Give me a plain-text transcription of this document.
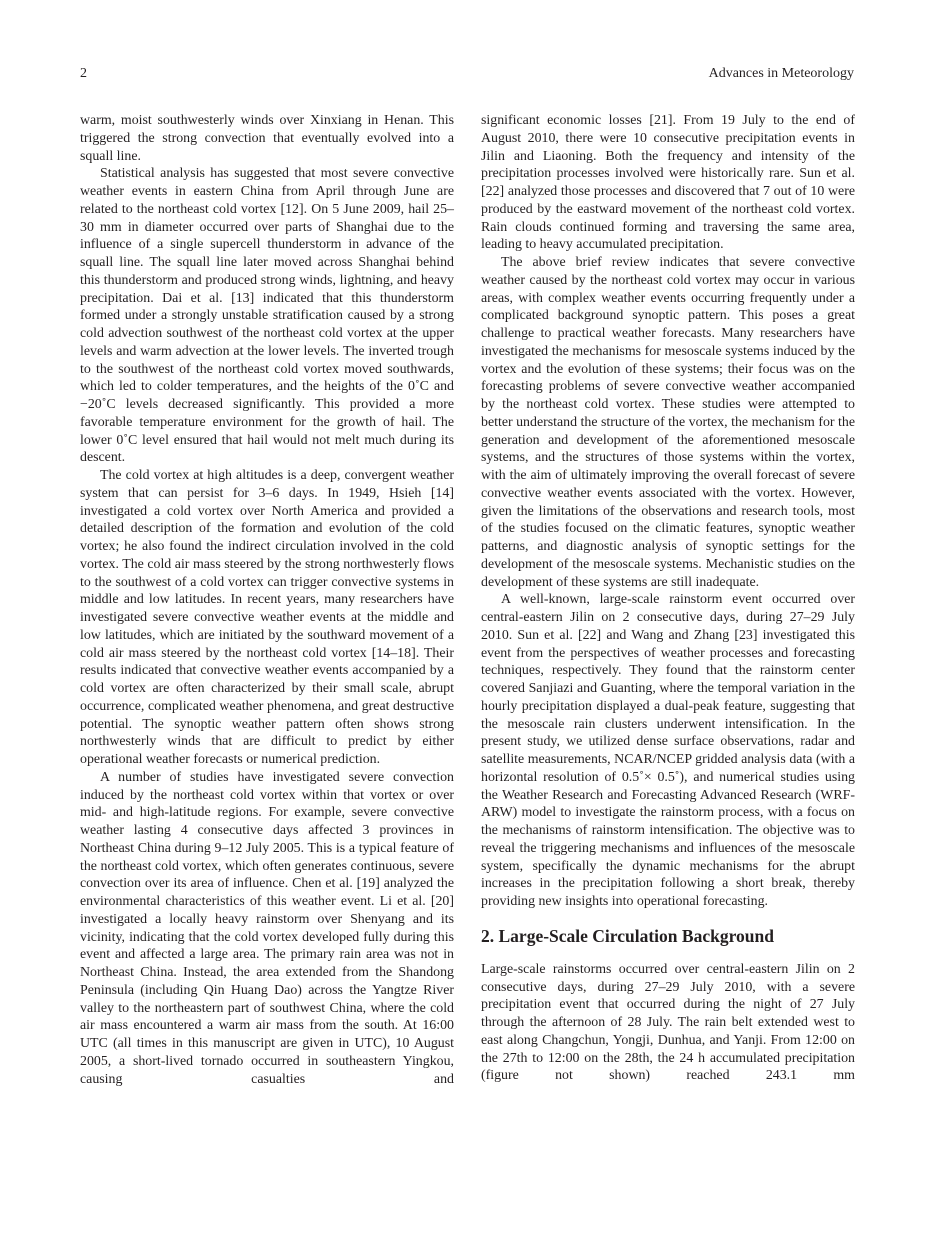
2	Advances in Meteorology

warm, moist southwesterly winds over Xinxiang in Henan. This triggered the strong convection that eventually evolved into a squall line.

Statistical analysis has suggested that most severe convective weather events in eastern China from April through June are related to the northeast cold vortex [12]. On 5 June 2009, hail 25–30 mm in diameter occurred over parts of Shanghai due to the influence of a single supercell thunderstorm in advance of the squall line. The squall line later moved across Shanghai behind this thunderstorm and produced strong winds, lightning, and heavy precipitation. Dai et al. [13] indicated that this thunderstorm formed under a strongly unstable stratification caused by a strong cold advection southwest of the northeast cold vortex at the upper levels and warm advection at the lower levels. The inverted trough to the southwest of the northeast cold vortex moved southwards, which led to colder temperatures, and the heights of the 0˚C and −20˚C levels decreased significantly. This provided a more favorable temperature environment for the growth of hail. The lower 0˚C level ensured that hail would not melt much during its descent.

The cold vortex at high altitudes is a deep, convergent weather system that can persist for 3–6 days. In 1949, Hsieh [14] investigated a cold vortex over North America and provided a detailed description of the formation and evolution of the cold vortex; he also found the indirect circulation involved in the cold vortex. The cold air mass steered by the strong northwesterly flows to the southwest of a cold vortex can trigger convective systems in middle and low latitudes. In recent years, many researchers have investigated severe convective weather events at the middle and low latitudes, which are initiated by the southward movement of a cold air mass steered by the northeast cold vortex [14–18]. Their results indicated that convective weather events accompanied by a cold vortex are often characterized by their small scale, abrupt occurrence, complicated weather phenomena, and great destructive potential. The synoptic weather pattern often shows strong northwesterly winds that are difficult to predict by either operational weather forecasts or numerical prediction.

A number of studies have investigated severe convection induced by the northeast cold vortex within that vortex or over mid- and high-latitude regions. For example, severe convective weather lasting 4 consecutive days affected 3 provinces in Northeast China during 9–12 July 2005. This is a typical feature of the northeast cold vortex, which often generates continuous, severe convection over its area of influence. Chen et al. [19] analyzed the environmental characteristics of this weather event. Li et al. [20] investigated a locally heavy rainstorm over Shenyang and its vicinity, indicating that the cold vortex developed fully during this event and affected a large area. The primary rain area was not in Northeast China. Instead, the area extended from the Shandong Peninsula (including Qin Huang Dao) across the Yangtze River valley to the northeastern part of southwest China, where the cold air mass encountered a warm air mass from the south. At 16:00 UTC (all times in this manuscript are given in UTC), 10 August 2005, a short-lived tornado occurred in southeastern Yingkou, causing casualties and

significant economic losses [21]. From 19 July to the end of August 2010, there were 10 consecutive precipitation events in Jilin and Liaoning. Both the frequency and intensity of the precipitation processes involved were historically rare. Sun et al. [22] analyzed those processes and discovered that 7 out of 10 were produced by the eastward movement of the northeast cold vortex. Rain clouds continued forming and traversing the same area, leading to heavy accumulated precipitation.

The above brief review indicates that severe convective weather caused by the northeast cold vortex may occur in various areas, with complex weather events occurring frequently under a complicated background synoptic pattern. This poses a great challenge to practical weather forecasts. Many researchers have investigated the mechanisms for mesoscale systems induced by the vortex and the evolution of these systems; their focus was on the forecasting problems of severe convective weather accompanied by the northeast cold vortex. These studies were attempted to better understand the structure of the vortex, the mechanism for the generation and development of the aforementioned mesoscale systems, and the structures of those systems within the vortex, with the aim of ultimately improving the overall forecast of severe convective weather events associated with the vortex. However, given the limitations of the observations and research tools, most of the studies focused on the climatic features, synoptic weather patterns, and diagnostic analysis of synoptic settings for the development of the mesoscale systems. Mechanistic studies on the development of these systems are still inadequate.

A well-known, large-scale rainstorm event occurred over central-eastern Jilin on 2 consecutive days, during 27–29 July 2010. Sun et al. [22] and Wang and Zhang [23] investigated this event from the perspectives of weather processes and forecasting techniques, respectively. They found that the rainstorm center covered Sanjiazi and Guanting, where the temporal variation in the hourly precipitation displayed a dual-peak feature, suggesting that the mesoscale rain clusters underwent intensification. In the present study, we utilized dense surface observations, radar and satellite measurements, NCAR/NCEP gridded analysis data (with a horizontal resolution of 0.5˚× 0.5˚), and numerical studies using the Weather Research and Forecasting Advanced Research (WRF-ARW) model to investigate the rainstorm process, with a focus on the mechanisms of rainstorm intensification. The objective was to reveal the triggering mechanisms and influences of the mesoscale system, specifically the dynamic mechanisms for the abrupt increases in the precipitation following a short break, thereby providing new insights into operational forecasting.

2. Large-Scale Circulation Background

Large-scale rainstorms occurred over central-eastern Jilin on 2 consecutive days, during 27–29 July 2010, with a severe precipitation event that occurred during the night of 27 July through the afternoon of 28 July. The rain belt extended west to east along Changchun, Yongji, Dunhua, and Yanji. From 12:00 on the 27th to 12:00 on the 28th, the 24 h accumulated precipitation (figure not shown) reached 243.1 mm
